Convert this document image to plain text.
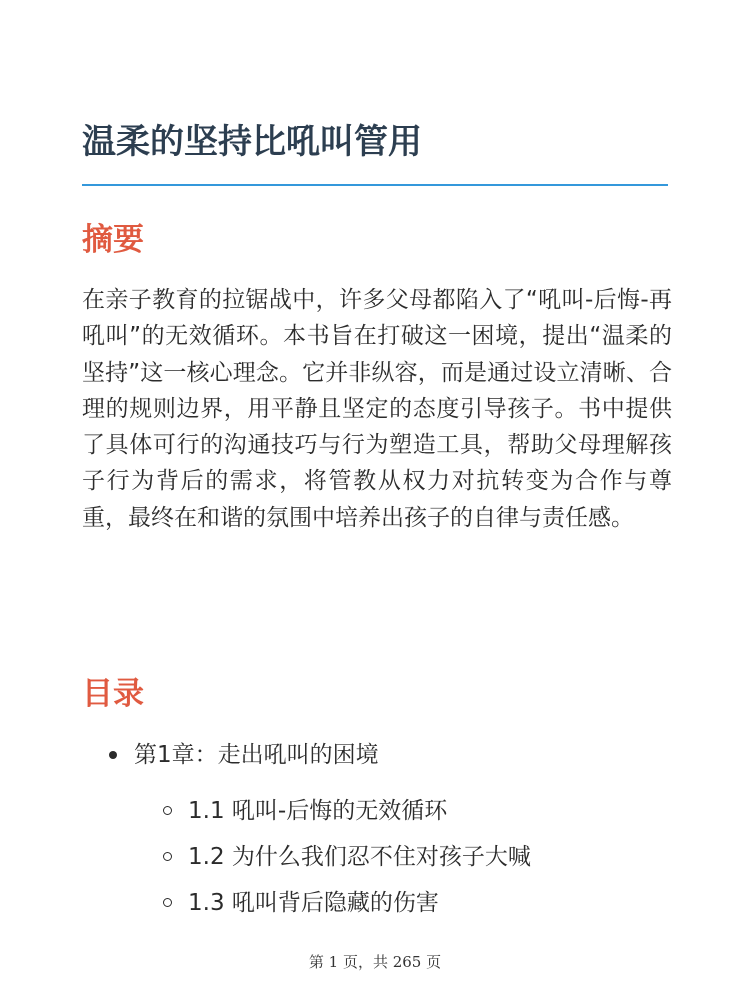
温柔的坚持比吼叫管用
摘要

在亲子教育的拉锯战中，许多父母都陷入了“吼叫-后悔-再吼叫”的无效循环。本书旨在打破这一困境，提出“温柔的坚持”这一核心理念。它并非纵容，而是通过设立清晰、合理的规则边界，用平静且坚定的态度引导孩子。书中提供了具体可行的沟通技巧与行为塑造工具，帮助父母理解孩子行为背后的需求，将管教从权力对抗转变为合作与尊重，最终在和谐的氛围中培养出孩子的自律与责任感。

目录
第1章：走出吼叫的困境
1.1 吼叫-后悔的无效循环
1.2 为什么我们忍不住对孩子大喊
1.3 吼叫背后隐藏的伤害
第 1 页，共 265 页
